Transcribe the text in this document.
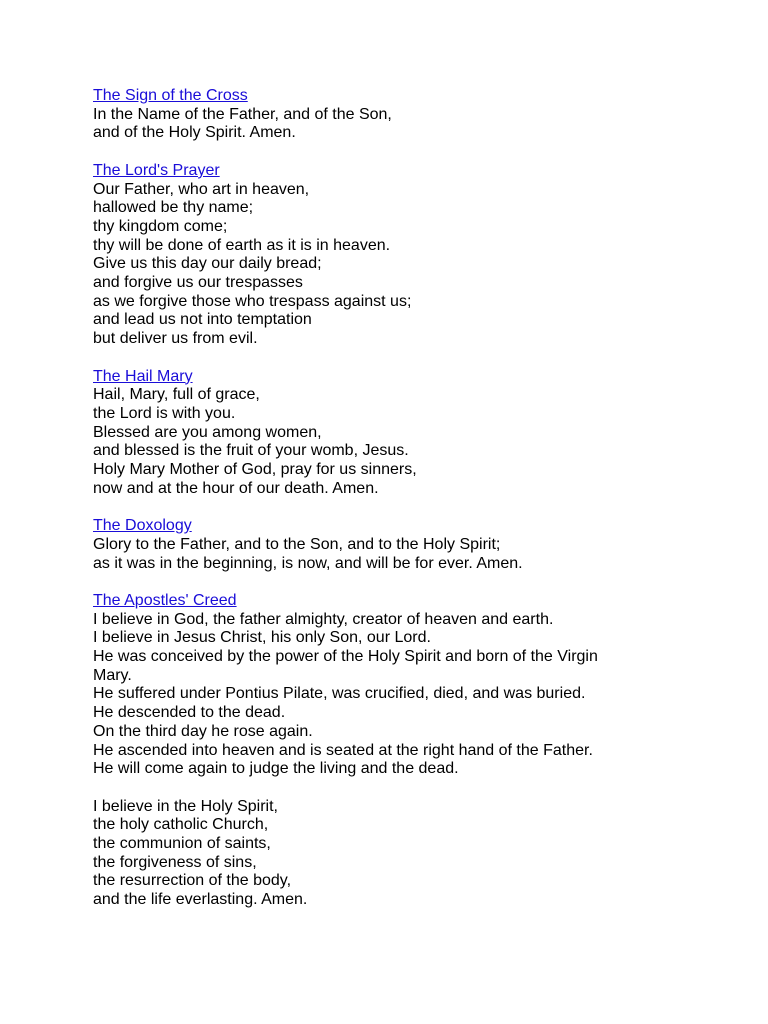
The Sign of the Cross
In the Name of the Father, and of the Son,
and of the Holy Spirit. Amen.
The Lord's Prayer
Our Father, who art in heaven,
hallowed be thy name;
thy kingdom come;
thy will be done of earth as it is in heaven.
Give us this day our daily bread;
and forgive us our trespasses
as we forgive those who trespass against us;
and lead us not into temptation
but deliver us from evil.
The Hail Mary
Hail, Mary, full of grace,
the Lord is with you.
Blessed are you among women,
and blessed is the fruit of your womb, Jesus.
Holy Mary Mother of God, pray for us sinners,
now and at the hour of our death. Amen.
The Doxology
Glory to the Father, and to the Son, and to the Holy Spirit;
as it was in the beginning, is now, and will be for ever. Amen.
The Apostles' Creed
I believe in God, the father almighty, creator of heaven and earth.
I believe in Jesus Christ, his only Son, our Lord.
He was conceived by the power of the Holy Spirit and born of the Virgin
Mary.
He suffered under Pontius Pilate, was crucified, died, and was buried.
He descended to the dead.
On the third day he rose again.
He ascended into heaven and is seated at the right hand of the Father.
He will come again to judge the living and the dead.
I believe in the Holy Spirit,
the holy catholic Church,
the communion of saints,
the forgiveness of sins,
the resurrection of the body,
and the life everlasting. Amen.
